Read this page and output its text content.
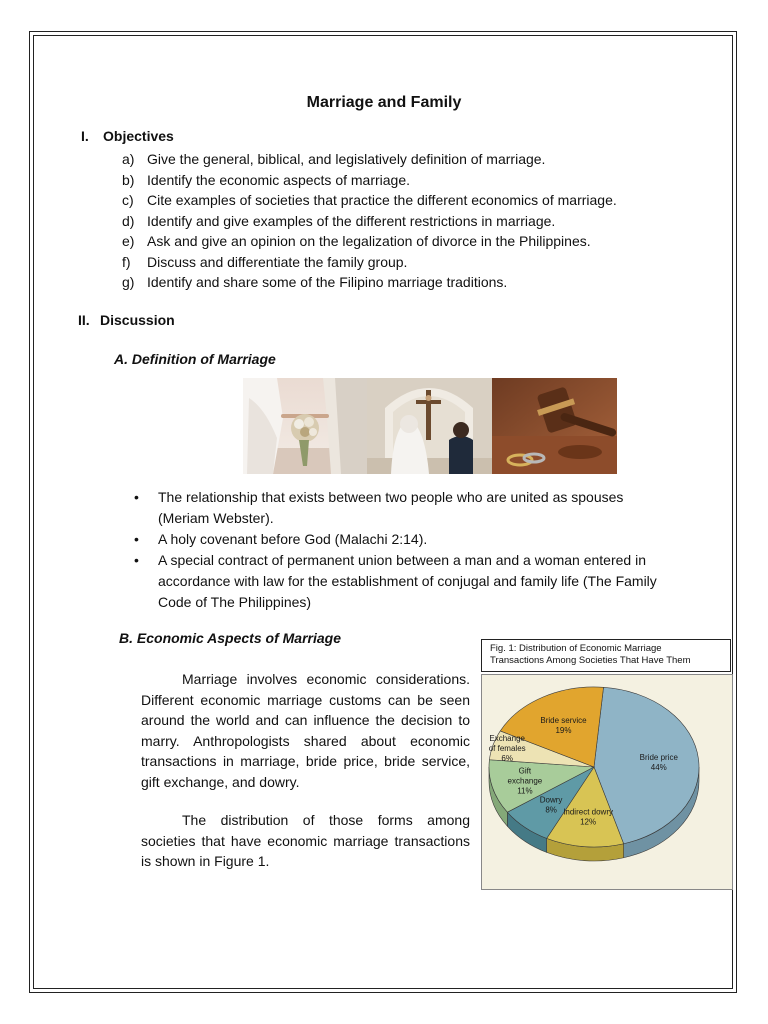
Marriage and Family
I. Objectives
a) Give the general, biblical, and legislatively definition of marriage.
b) Identify the economic aspects of marriage.
c) Cite examples of societies that practice the different economics of marriage.
d) Identify and give examples of the different restrictions in marriage.
e) Ask and give an opinion on the legalization of divorce in the Philippines.
f) Discuss and differentiate the family group.
g) Identify and share some of the Filipino marriage traditions.
II. Discussion
A. Definition of Marriage
• The relationship that exists between two people who are united as spouses (Meriam Webster).
• A holy covenant before God (Malachi 2:14).
• A special contract of permanent union between a man and a woman entered in accordance with law for the establishment of conjugal and family life (The Family Code of The Philippines)
B. Economic Aspects of Marriage

Marriage involves economic considerations. Different economic marriage customs can be seen around the world and can influence the decision to marry. Anthropologists shared about economic transactions in marriage, bride price, bride service, gift exchange, and dowry.

The distribution of those forms among societies that have economic marriage transactions is shown in Figure 1.

Fig. 1: Distribution of Economic Marriage
Transactions Among Societies That Have Them
Bride price
44%
Indirect dowry
12%
Dowry
8%
Gift
exchange
11%
Exchange
of females
6%
Bride service
19%
